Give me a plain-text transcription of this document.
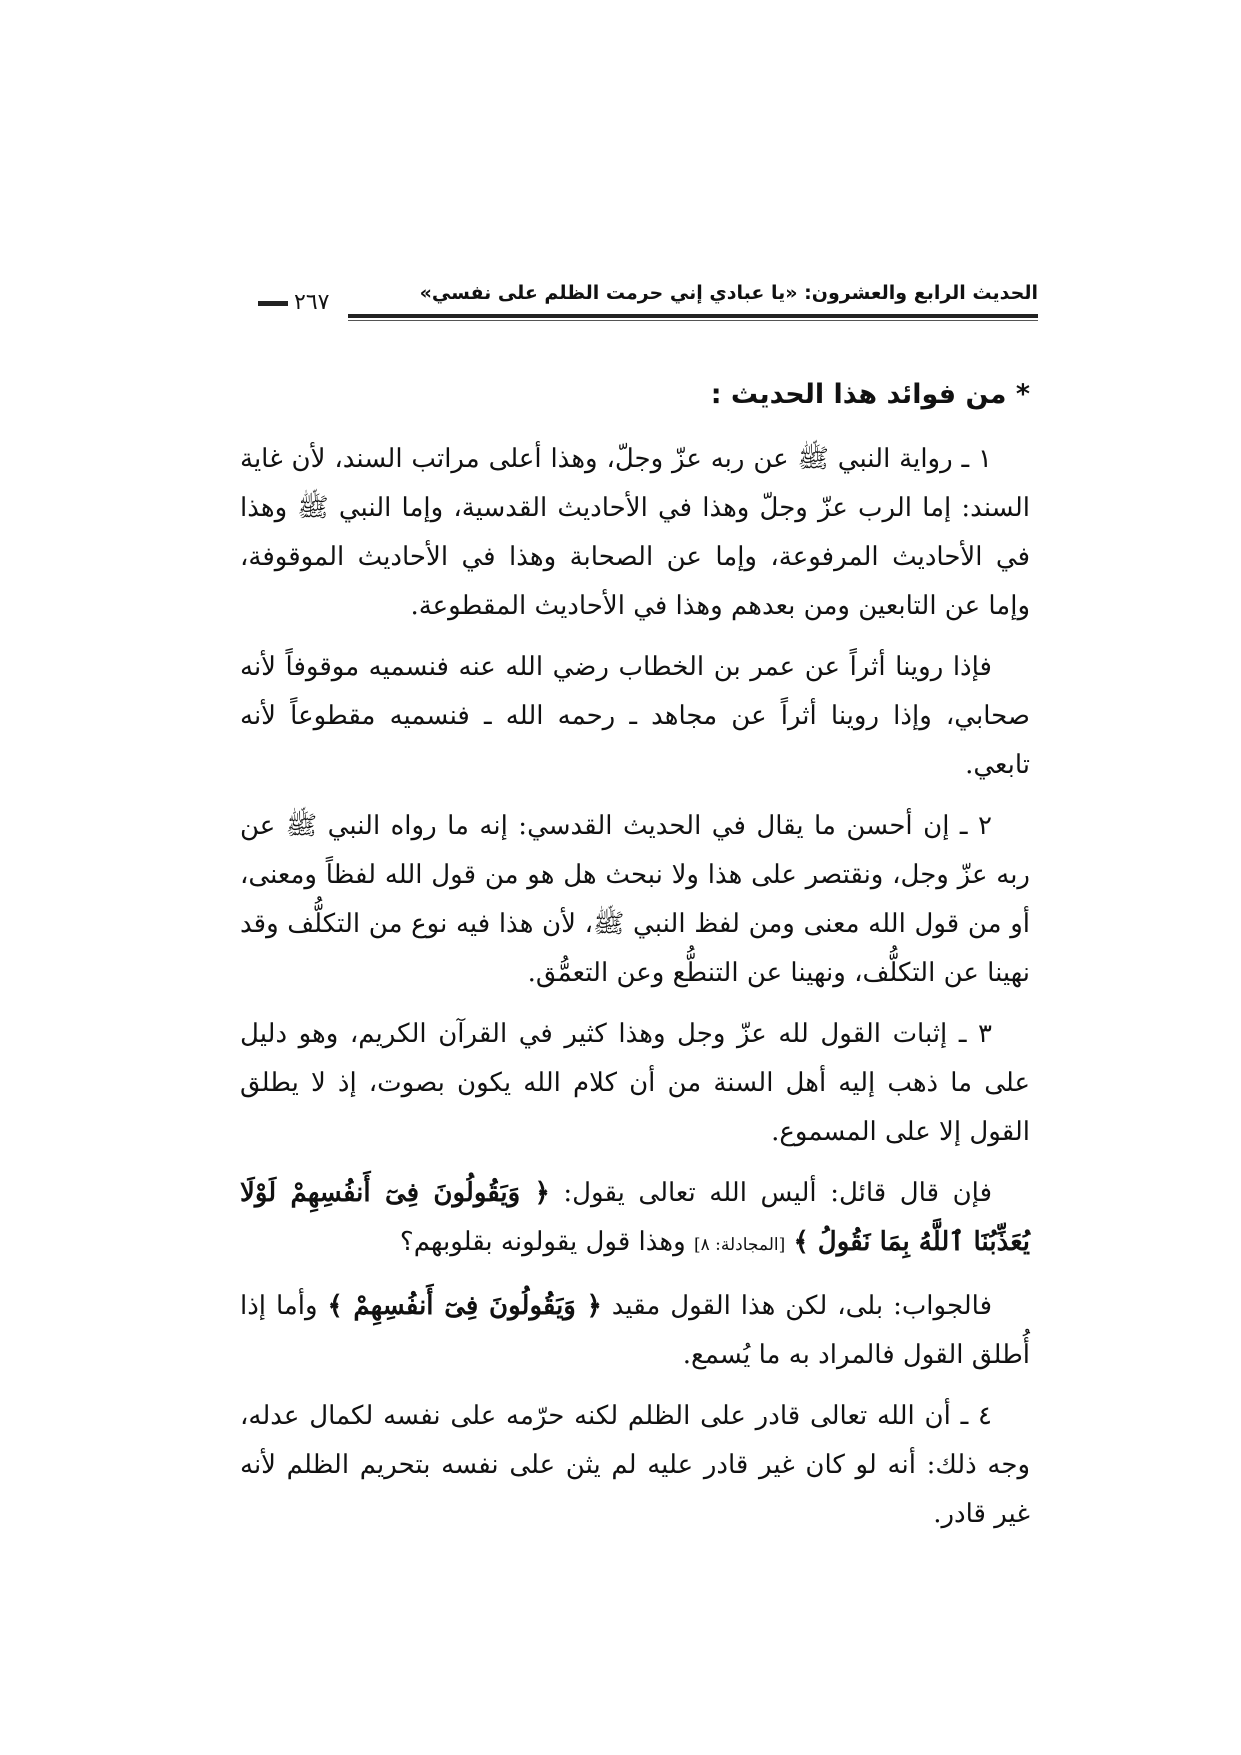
الحديث الرابع والعشرون: «يا عبادي إني حرمت الظلم على نفسي»
٢٦٧
* من فوائد هذا الحديث :

١ ـ رواية النبي ﷺ عن ربه عزّ وجلّ، وهذا أعلى مراتب السند، لأن غاية السند: إما الرب عزّ وجلّ وهذا في الأحاديث القدسية، وإما النبي ﷺ وهذا في الأحاديث المرفوعة، وإما عن الصحابة وهذا في الأحاديث الموقوفة، وإما عن التابعين ومن بعدهم وهذا في الأحاديث المقطوعة.

فإذا روينا أثراً عن عمر بن الخطاب رضي الله عنه فنسميه موقوفاً لأنه صحابي، وإذا روينا أثراً عن مجاهد ـ رحمه الله ـ فنسميه مقطوعاً لأنه تابعي.

٢ ـ إن أحسن ما يقال في الحديث القدسي: إنه ما رواه النبي ﷺ عن ربه عزّ وجل، ونقتصر على هذا ولا نبحث هل هو من قول الله لفظاً ومعنى، أو من قول الله معنى ومن لفظ النبي ﷺ، لأن هذا فيه نوع من التكلُّف وقد نهينا عن التكلُّف، ونهينا عن التنطُّع وعن التعمُّق.

٣ ـ إثبات القول لله عزّ وجل وهذا كثير في القرآن الكريم، وهو دليل على ما ذهب إليه أهل السنة من أن كلام الله يكون بصوت، إذ لا يطلق القول إلا على المسموع.

فإن قال قائل: أليس الله تعالى يقول: ﴿ وَيَقُولُونَ فِىٓ أَنفُسِهِمْ لَوْلَا يُعَذِّبُنَا ٱللَّهُ بِمَا نَقُولُ ﴾ [المجادلة: ٨] وهذا قول يقولونه بقلوبهم؟

فالجواب: بلى، لكن هذا القول مقيد ﴿ وَيَقُولُونَ فِىٓ أَنفُسِهِمْ ﴾ وأما إذا أُطلق القول فالمراد به ما يُسمع.

٤ ـ أن الله تعالى قادر على الظلم لكنه حرّمه على نفسه لكمال عدله، وجه ذلك: أنه لو كان غير قادر عليه لم يثن على نفسه بتحريم الظلم لأنه غير قادر.
